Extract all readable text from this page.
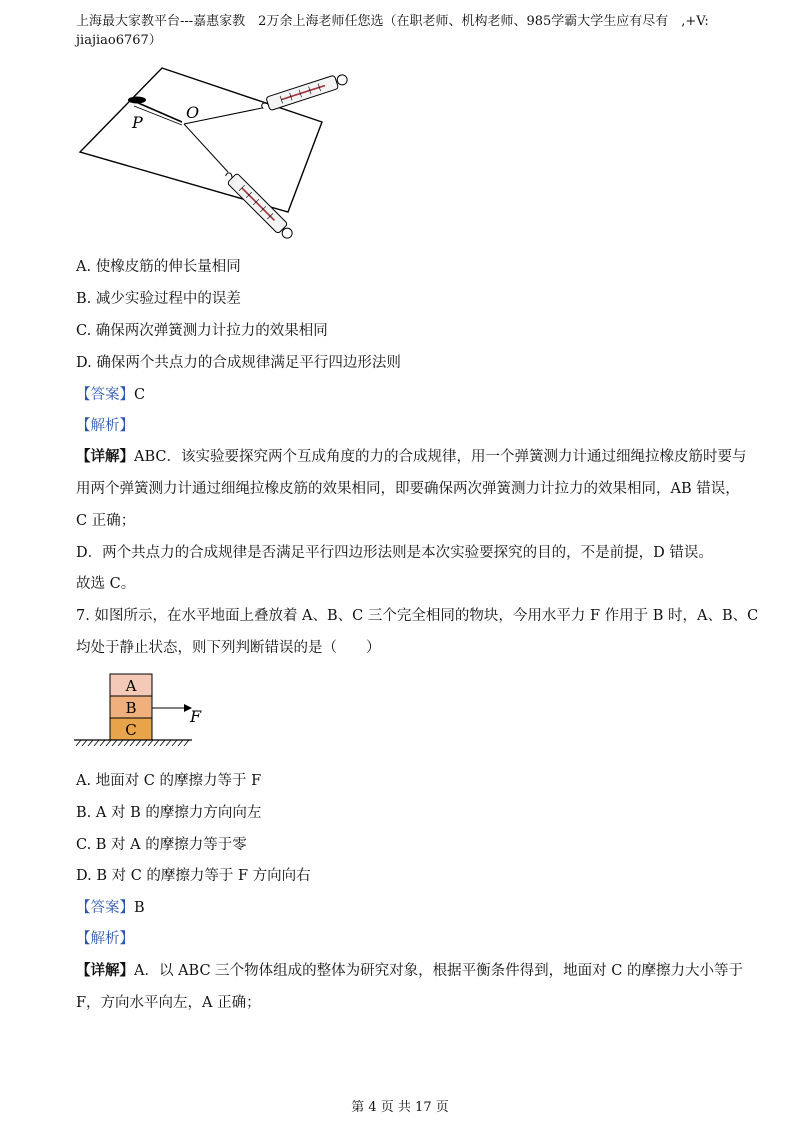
上海最大家教平台---嘉惠家教　2万余上海老师任您选（在职老师、机构老师、985学霸大学生应有尽有　,+V:
jiajiao6767）
P
O
A. 使橡皮筋的伸长量相同
B. 减少实验过程中的误差
C. 确保两次弹簧测力计拉力的效果相同
D. 确保两个共点力的合成规律满足平行四边形法则
【答案】C
【解析】
【详解】ABC．该实验要探究两个互成角度的力的合成规律，用一个弹簧测力计通过细绳拉橡皮筋时要与
用两个弹簧测力计通过细绳拉橡皮筋的效果相同，即要确保两次弹簧测力计拉力的效果相同，AB 错误，
C 正确；
D．两个共点力的合成规律是否满足平行四边形法则是本次实验要探究的目的，不是前提，D 错误。
故选 C。
7. 如图所示，在水平地面上叠放着 A、B、C 三个完全相同的物块，今用水平力 F 作用于 B 时，A、B、C
均处于静止状态，则下列判断错误的是（　　）
A
B
C
F
A. 地面对 C 的摩擦力等于 F
B. A 对 B 的摩擦力方向向左
C. B 对 A 的摩擦力等于零
D. B 对 C 的摩擦力等于 F 方向向右
【答案】B
【解析】
【详解】A．以 ABC 三个物体组成的整体为研究对象，根据平衡条件得到，地面对 C 的摩擦力大小等于
F，方向水平向左，A 正确；
第 4 页 共 17 页
